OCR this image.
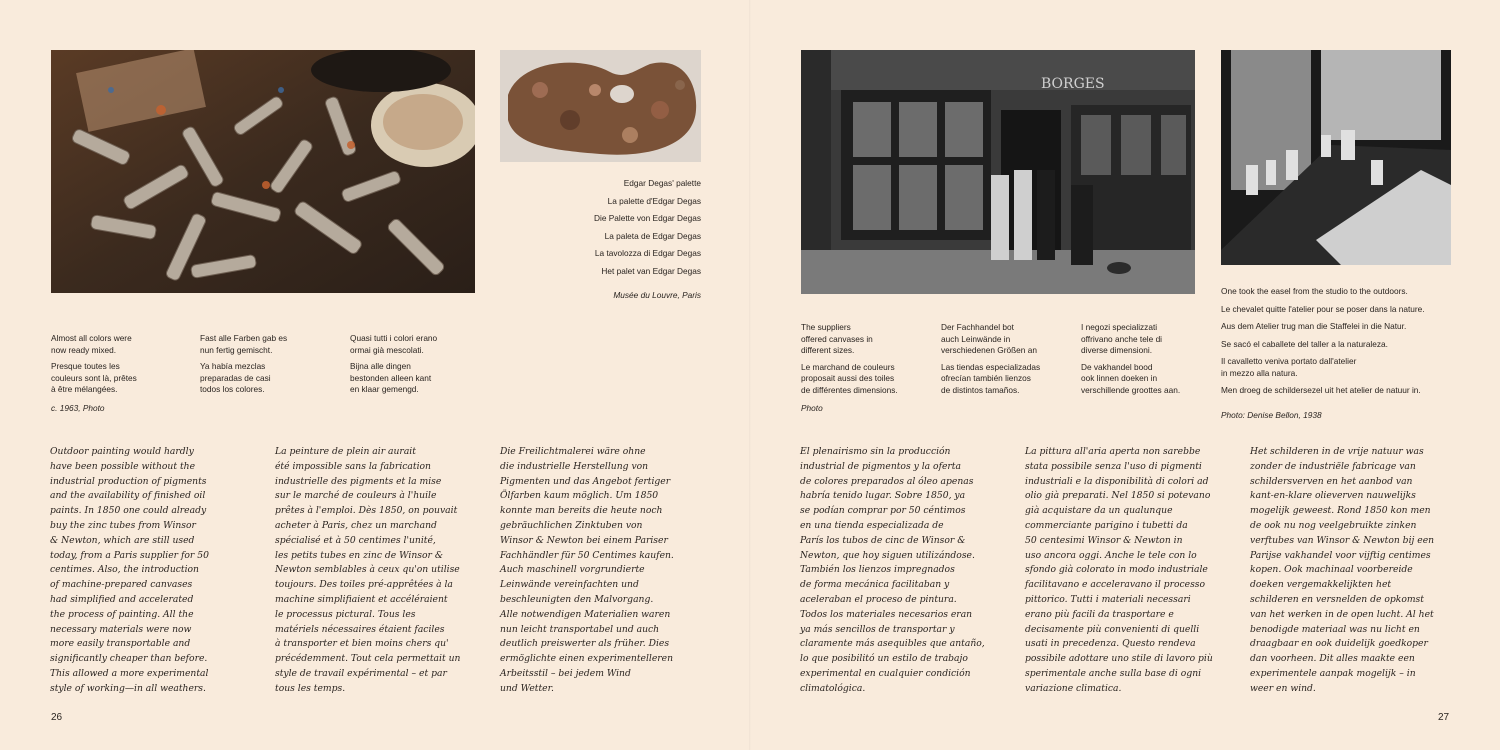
Edgar Degas' palette
La palette d'Edgar Degas
Die Palette von Edgar Degas
La paleta de Edgar Degas
La tavolozza di Edgar Degas
Het palet van Edgar Degas
Musée du Louvre, Paris

Almost all colors were
now ready mixed.

Presque toutes les
couleurs sont là, prêtes
à être mélangées.

c. 1963, Photo

Fast alle Farben gab es
nun fertig gemischt.

Ya había mezclas
preparadas de casi
todos los colores.

Quasi tutti i colori erano
ormai già mescolati.

Bijna alle dingen
bestonden alleen kant
en klaar gemengd.

Outdoor painting would hardly
have been possible without the
industrial production of pigments
and the availability of finished oil
paints. In 1850 one could already
buy the zinc tubes from Winsor
& Newton, which are still used
today, from a Paris supplier for 50
centimes. Also, the introduction
of machine-prepared canvases
had simplified and accelerated
the process of painting. All the
necessary materials were now
more easily transportable and
significantly cheaper than before.
This allowed a more experimental
style of working—in all weathers.
La peinture de plein air aurait
été impossible sans la fabrication
industrielle des pigments et la mise
sur le marché de couleurs à l'huile
prêtes à l'emploi. Dès 1850, on pouvait
acheter à Paris, chez un marchand
spécialisé et à 50 centimes l'unité,
les petits tubes en zinc de Winsor &
Newton semblables à ceux qu'on utilise
toujours. Des toiles pré-apprêtées à la
machine simplifiaient et accéléraient
le processus pictural. Tous les
matériels nécessaires étaient faciles
à transporter et bien moins chers qu'
précédemment. Tout cela permettait un
style de travail expérimental – et par
tous les temps.
Die Freilichtmalerei wäre ohne
die industrielle Herstellung von
Pigmenten und das Angebot fertiger
Ölfarben kaum möglich. Um 1850
konnte man bereits die heute noch
gebräuchlichen Zinktuben von
Winsor & Newton bei einem Pariser
Fachhändler für 50 Centimes kaufen.
Auch maschinell vorgrundierte
Leinwände vereinfachten und
beschleunigten den Malvorgang.
Alle notwendigen Materialien waren
nun leicht transportabel und auch
deutlich preiswerter als früher. Dies
ermöglichte einen experimentelleren
Arbeitsstil – bei jedem Wind
und Wetter.
26
BORGES

The suppliers
offered canvases in
different sizes.

Le marchand de couleurs
proposait aussi des toiles
de différentes dimensions.

Photo

Der Fachhandel bot
auch Leinwände in
verschiedenen Größen an

Las tiendas especializadas
ofrecían también lienzos
de distintos tamaños.

I negozi specializzati
offrivano anche tele di
diverse dimensioni.

De vakhandel bood
ook linnen doeken in
verschillende groottes aan.

One took the easel from the studio to the outdoors.
Le chevalet quitte l'atelier pour se poser dans la nature.
Aus dem Atelier trug man die Staffelei in die Natur.
Se sacó el caballete del taller a la naturaleza.
Il cavalletto veniva portato dall'atelier
in mezzo alla natura.
Men droeg de schildersezel uit het atelier de natuur in.
Photo: Denise Bellon, 1938
El plenairismo sin la producción
industrial de pigmentos y la oferta
de colores preparados al óleo apenas
habría tenido lugar. Sobre 1850, ya
se podían comprar por 50 céntimos
en una tienda especializada de
París los tubos de cinc de Winsor &
Newton, que hoy siguen utilizándose.
También los lienzos impregnados
de forma mecánica facilitaban y
aceleraban el proceso de pintura.
Todos los materiales necesarios eran
ya más sencillos de transportar y
claramente más asequibles que antaño,
lo que posibilitó un estilo de trabajo
experimental en cualquier condición
climatológica.
La pittura all'aria aperta non sarebbe
stata possibile senza l'uso di pigmenti
industriali e la disponibilità di colori ad
olio già preparati. Nel 1850 si potevano
già acquistare da un qualunque
commerciante parigino i tubetti da
50 centesimi Winsor & Newton in
uso ancora oggi. Anche le tele con lo
sfondo già colorato in modo industriale
facilitavano e acceleravano il processo
pittorico. Tutti i materiali necessari
erano più facili da trasportare e
decisamente più convenienti di quelli
usati in precedenza. Questo rendeva
possibile adottare uno stile di lavoro più
sperimentale anche sulla base di ogni
variazione climatica.
Het schilderen in de vrije natuur was
zonder de industriële fabricage van
schildersverven en het aanbod van
kant-en-klare olieverven nauwelijks
mogelijk geweest. Rond 1850 kon men
de ook nu nog veelgebruikte zinken
verftubes van Winsor & Newton bij een
Parijse vakhandel voor vijftig centimes
kopen. Ook machinaal voorbereide
doeken vergemakkelijkten het
schilderen en versnelden de opkomst
van het werken in de open lucht. Al het
benodigde materiaal was nu licht en
draagbaar en ook duidelijk goedkoper
dan voorheen. Dit alles maakte een
experimentele aanpak mogelijk – in
weer en wind.
27
